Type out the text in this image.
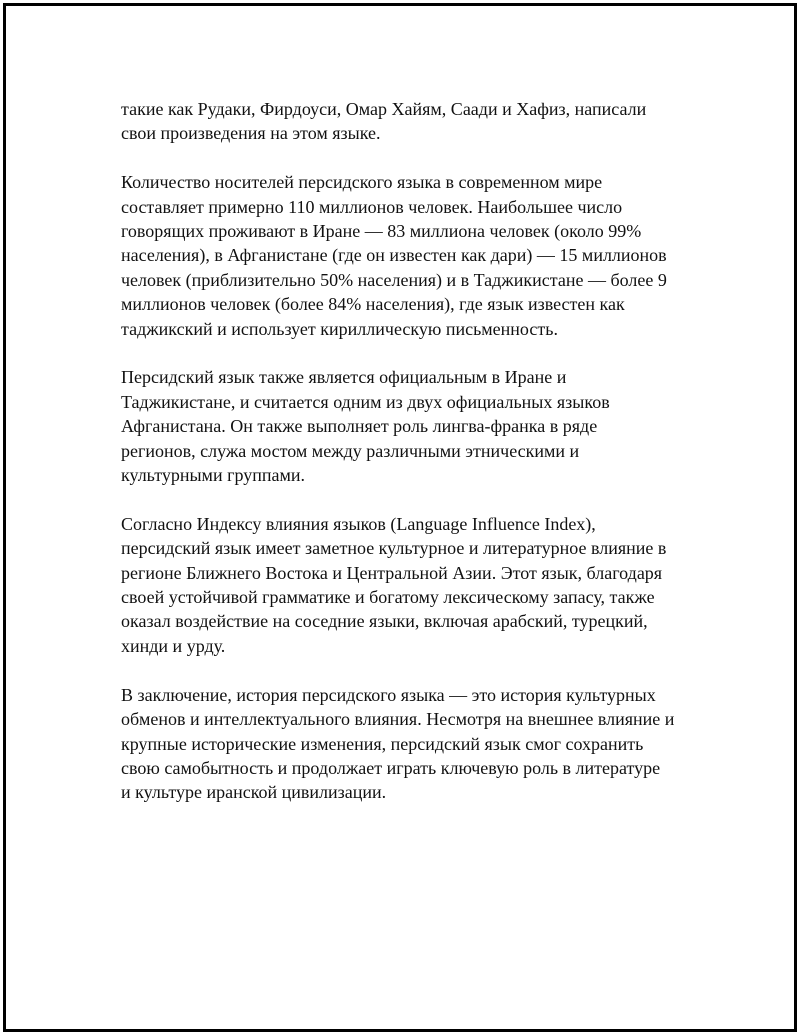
такие как Рудаки, Фирдоуси, Омар Хайям, Саади и Хафиз, написали
свои произведения на этом языке.

Количество носителей персидского языка в современном мире
составляет примерно 110 миллионов человек. Наибольшее число
говорящих проживают в Иране — 83 миллиона человек (около 99%
населения), в Афганистане (где он известен как дари) — 15 миллионов
человек (приблизительно 50% населения) и в Таджикистане — более 9
миллионов человек (более 84% населения), где язык известен как
таджикский и использует кириллическую письменность.

Персидский язык также является официальным в Иране и
Таджикистане, и считается одним из двух официальных языков
Афганистана. Он также выполняет роль лингва-франка в ряде
регионов, служа мостом между различными этническими и
культурными группами.

Согласно Индексу влияния языков (Language Influence Index),
персидский язык имеет заметное культурное и литературное влияние в
регионе Ближнего Востока и Центральной Азии. Этот язык, благодаря
своей устойчивой грамматике и богатому лексическому запасу, также
оказал воздействие на соседние языки, включая арабский, турецкий,
хинди и урду.

В заключение, история персидского языка — это история культурных
обменов и интеллектуального влияния. Несмотря на внешнее влияние и
крупные исторические изменения, персидский язык смог сохранить
свою самобытность и продолжает играть ключевую роль в литературе
и культуре иранской цивилизации.
